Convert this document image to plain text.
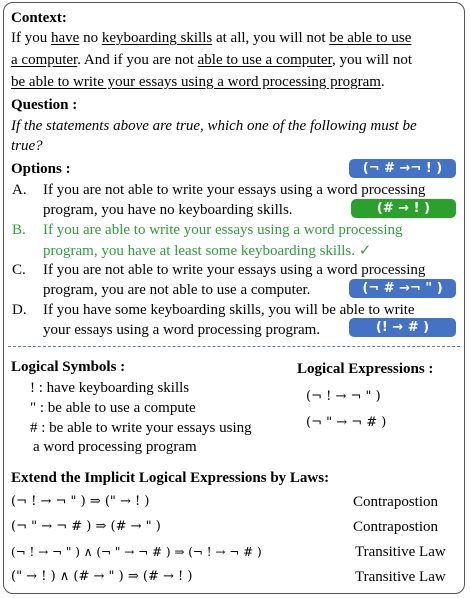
Context:
If you have no keyboarding skills at all, you will not be able to use
a computer. And if you are not able to use a computer, you will not
be able to write your essays using a word processing program.
Question :
If the statements above are true, which one of the following must be
true?
Options :	(¬ # →¬ ! )
A. If you are not able to write your essays using a word processing
program, you have no keyboarding skills.	(# → ! )
B. If you are able to write your essays using a word processing
program, you have at least some keyboarding skills. ✓
C. If you are not able to write your essays using a word processing
program, you are not able to use a computer.	(¬ # →¬ " )
D. If you have some keyboarding skills, you will be able to write
your essays using a word processing program.	(! → # )
Logical Symbols :
! : have keyboarding skills
" : be able to use a compute
# : be able to write your essays using
a word processing program
Logical Expressions :
(¬ ! → ¬ " )
(¬ " → ¬ # )
Extend the Implicit Logical Expressions by Laws:
(¬ ! → ¬ " ) ⇒ (" → ! )	Contrapostion
(¬ " → ¬ # ) ⇒ (# → " )	Contrapostion
(¬ ! → ¬ " ) ∧ (¬ " → ¬ # ) ⇒ (¬ ! → ¬ # )	Transitive Law
(" → ! ) ∧ (# → " ) ⇒ (# → ! )	Transitive Law
